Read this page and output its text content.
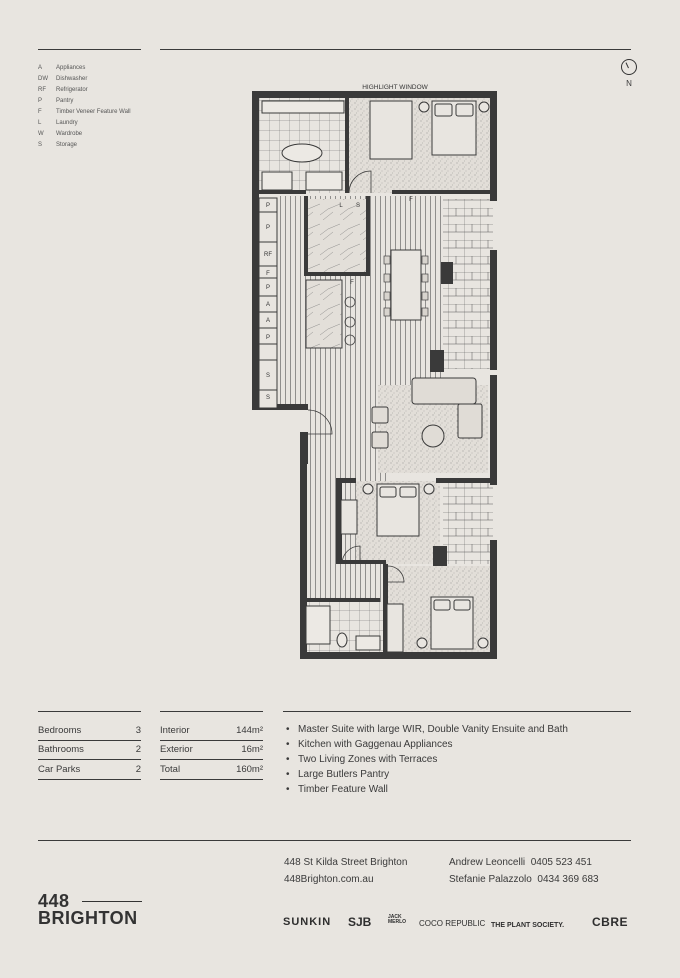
A	Appliances
DW	Dishwasher
RF	Refrigerator
P	Pantry
F	Timber Veneer Feature Wall
L	Laundry
W	Wardrobe
S	Storage
N
P
P
RF
F
P
A
A
P
S
S
L S
F
F
HIGHLIGHT WINDOW
Bedrooms	3
Bathrooms	2
Car Parks	2
Interior	144m²
Exterior	16m²
Total	160m²
• Master Suite with large WIR, Double Vanity Ensuite and Bath
• Kitchen with Gaggenau Appliances
• Two Living Zones with Terraces
• Large Butlers Pantry
• Timber Feature Wall
448 St Kilda Street Brighton
448Brighton.com.au
Andrew Leoncelli 0405 523 451
Stefanie Palazzolo 0434 369 683
448
BRIGHTON	SUNKIN SJB	JACK
MERLO COCO REPUBLIC THE PLANT SOCIETY. CBRE
